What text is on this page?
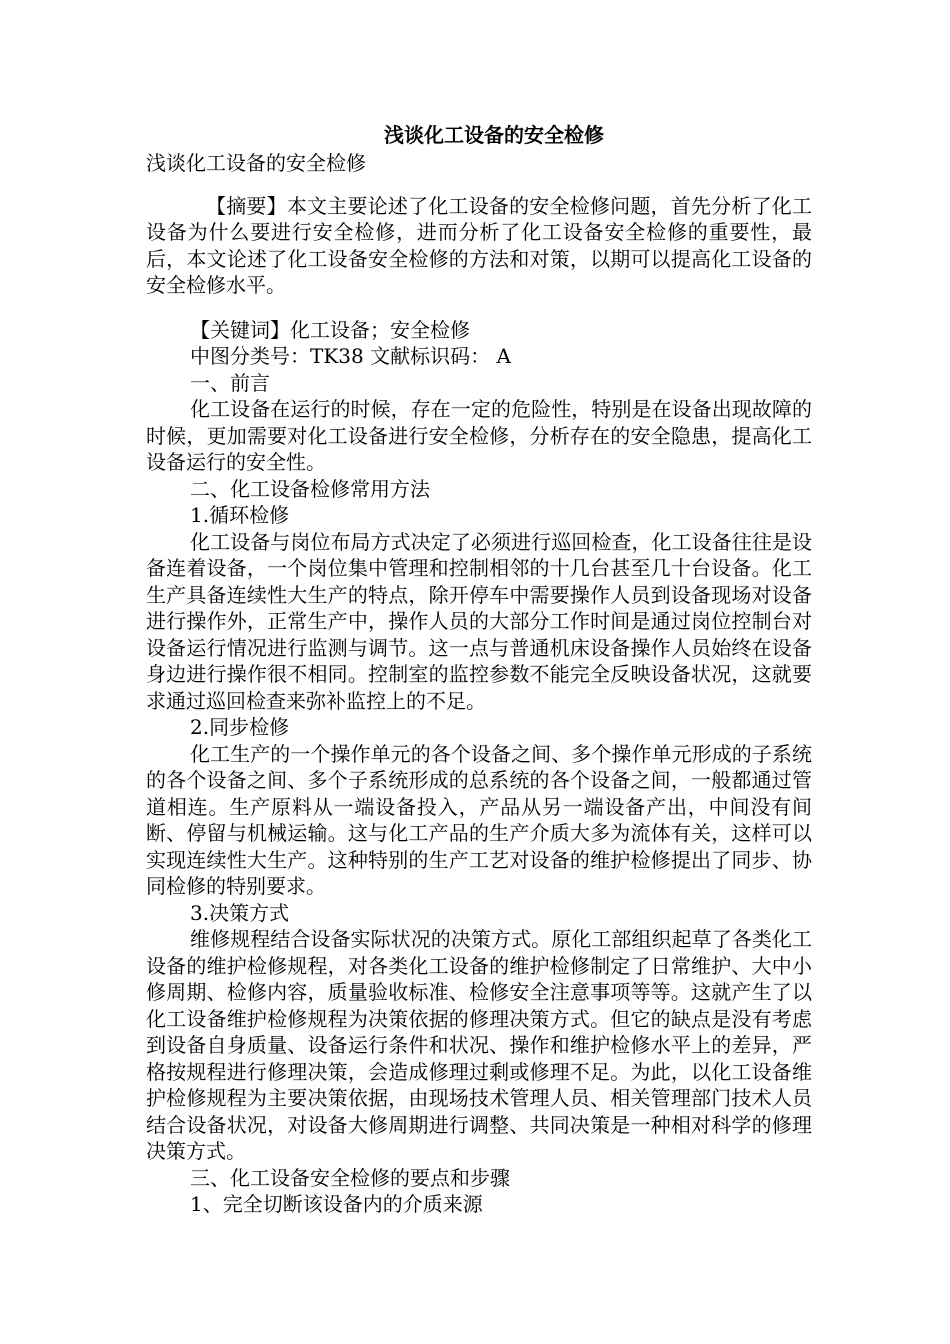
浅谈化工设备的安全检修

浅谈化工设备的安全检修

【摘要】本文主要论述了化工设备的安全检修问题，首先分析了化工设备为什么要进行安全检修，进而分析了化工设备安全检修的重要性，最后，本文论述了化工设备安全检修的方法和对策，以期可以提高化工设备的安全检修水平。

【关键词】化工设备；安全检修

中图分类号：TK38 文献标识码： A

一、前言

化工设备在运行的时候，存在一定的危险性，特别是在设备出现故障的时候，更加需要对化工设备进行安全检修，分析存在的安全隐患，提高化工设备运行的安全性。

二、化工设备检修常用方法

1.循环检修

化工设备与岗位布局方式决定了必须进行巡回检查，化工设备往往是设备连着设备，一个岗位集中管理和控制相邻的十几台甚至几十台设备。化工生产具备连续性大生产的特点，除开停车中需要操作人员到设备现场对设备进行操作外，正常生产中，操作人员的大部分工作时间是通过岗位控制台对设备运行情况进行监测与调节。这一点与普通机床设备操作人员始终在设备身边进行操作很不相同。控制室的监控参数不能完全反映设备状况，这就要求通过巡回检查来弥补监控上的不足。

2.同步检修

化工生产的一个操作单元的各个设备之间、多个操作单元形成的子系统的各个设备之间、多个子系统形成的总系统的各个设备之间，一般都通过管道相连。生产原料从一端设备投入，产品从另一端设备产出，中间没有间断、停留与机械运输。这与化工产品的生产介质大多为流体有关，这样可以实现连续性大生产。这种特别的生产工艺对设备的维护检修提出了同步、协同检修的特别要求。

3.决策方式

维修规程结合设备实际状况的决策方式。原化工部组织起草了各类化工设备的维护检修规程，对各类化工设备的维护检修制定了日常维护、大中小修周期、检修内容，质量验收标准、检修安全注意事项等等。这就产生了以化工设备维护检修规程为决策依据的修理决策方式。但它的缺点是没有考虑到设备自身质量、设备运行条件和状况、操作和维护检修水平上的差异，严格按规程进行修理决策，会造成修理过剩或修理不足。为此，以化工设备维护检修规程为主要决策依据，由现场技术管理人员、相关管理部门技术人员结合设备状况，对设备大修周期进行调整、共同决策是一种相对科学的修理决策方式。

三、化工设备安全检修的要点和步骤

1、完全切断该设备内的介质来源
